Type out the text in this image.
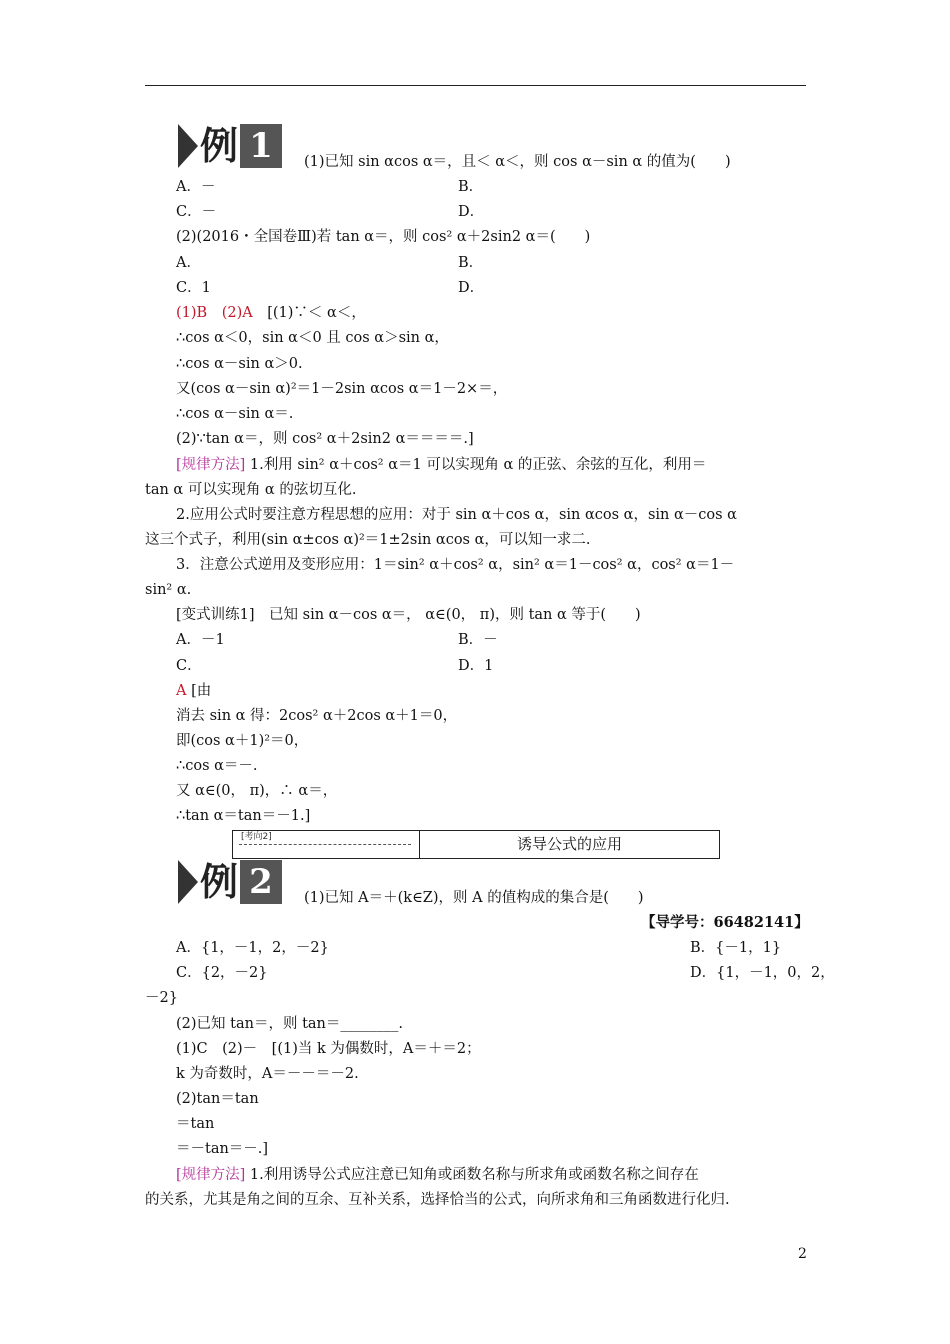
例 1	(1)已知 sin αcos α＝，且＜ α＜，则 cos α－sin α 的值为(　　)
A．－	B．
C．－	D．
(2)(2016・全国卷Ⅲ)若 tan α＝，则 cos² α＋2sin2 α＝(　　)
A．	B．
C．1	D．
(1)B　(2)A　 [(1)∵＜ α＜，
∴cos α＜0，sin α＜0 且 cos α＞sin α，
∴cos α－sin α＞0.
又(cos α－sin α)²＝1－2sin αcos α＝1－2×＝，
∴cos α－sin α＝.
(2)∵tan α＝，则 cos² α＋2sin2 α＝＝＝＝.]
[规律方法] 1.利用 sin² α＋cos² α＝1 可以实现角 α 的正弦、余弦的互化，利用＝
tan α 可以实现角 α 的弦切互化.
2.应用公式时要注意方程思想的应用：对于 sin α＋cos α，sin αcos α，sin α－cos α
这三个式子，利用(sin α±cos α)²＝1±2sin αcos α，可以知一求二.
3．注意公式逆用及变形应用：1＝sin² α＋cos² α，sin² α＝1－cos² α，cos² α＝1－
sin² α.
[变式训练1]　已知 sin α－cos α＝， α∈(0， π)，则 tan α 等于(　　)
A．－1	B．－
C．	D．1
A [由
消去 sin α 得：2cos² α＋2cos α＋1＝0，
即(cos α＋1)²＝0，
∴cos α＝－.
又 α∈(0， π)，∴ α＝，
∴tan α＝tan＝－1.]
[考向2]	诱导公式的应用
例 2	(1)已知 A＝＋(k∈Z)，则 A 的值构成的集合是(　　)
【导学号：66482141】
A．{1，－1，2，－2}	B．{－1，1}
C．{2，－2}	D．{1，－1，0，2，
－2}
(2)已知 tan＝，则 tan＝________.
(1)C　(2)－　[(1)当 k 为偶数时，A＝＋＝2；
k 为奇数时，A＝－－＝－2.
(2)tan＝tan
＝tan
＝－tan＝－.]
[规律方法] 1.利用诱导公式应注意已知角或函数名称与所求角或函数名称之间存在
的关系，尤其是角之间的互余、互补关系，选择恰当的公式，向所求角和三角函数进行化归.
2
